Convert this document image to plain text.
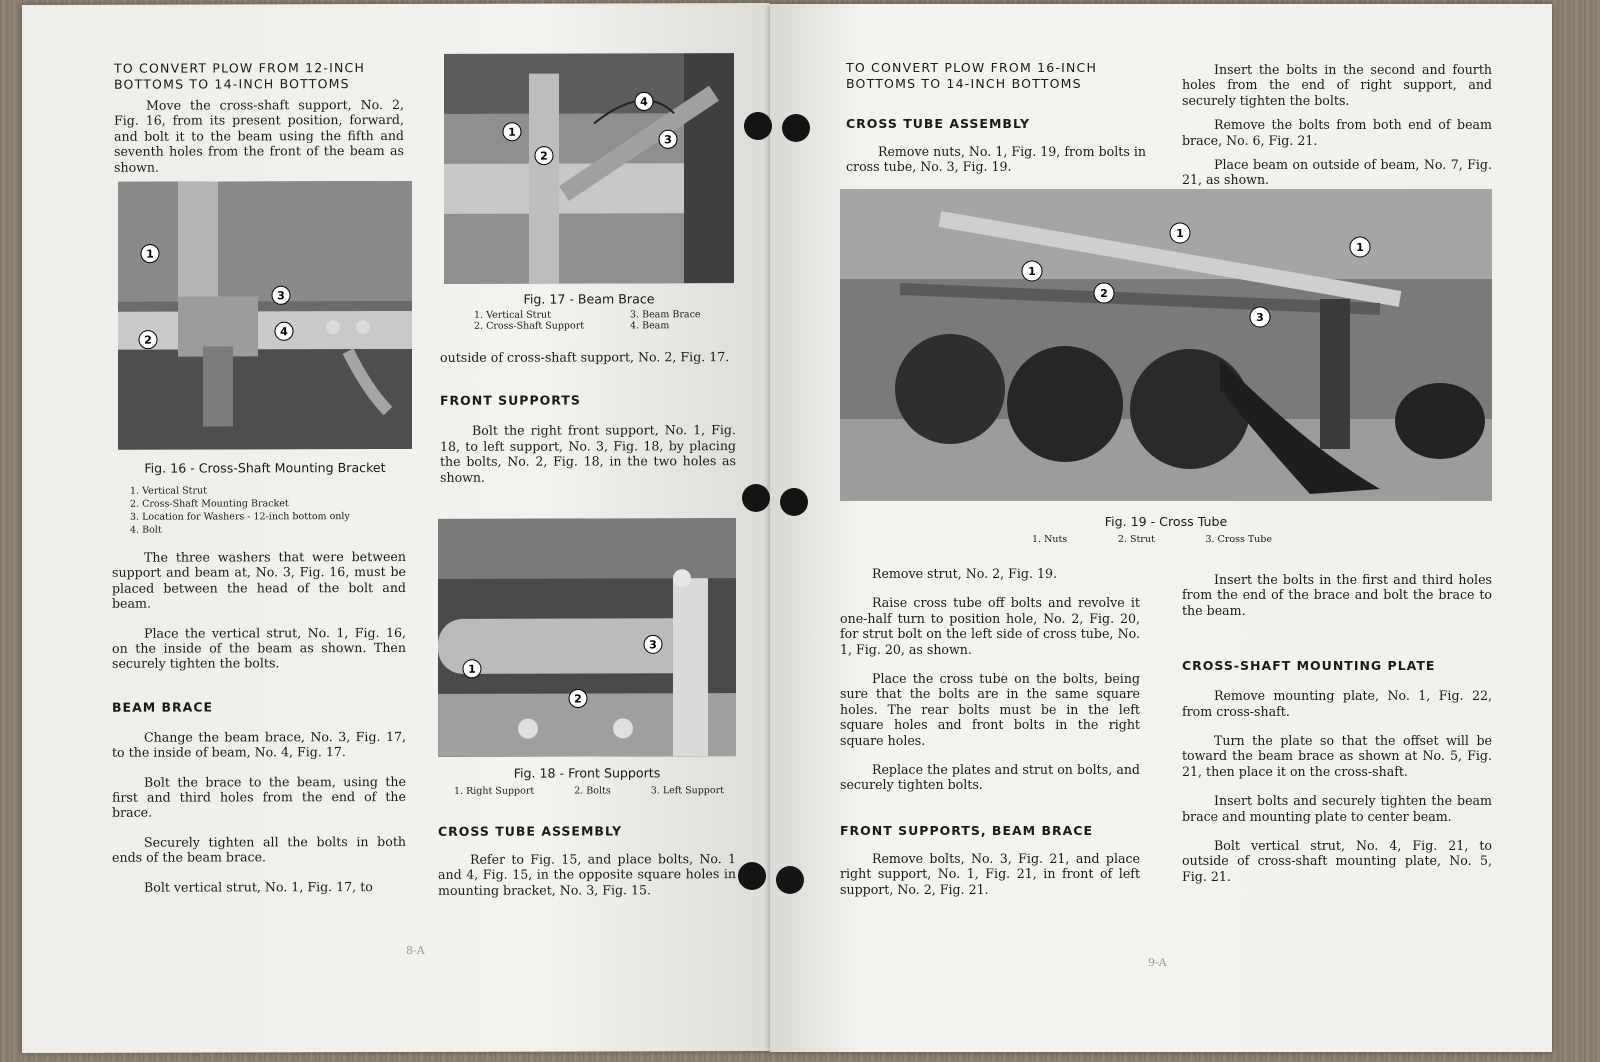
TO CONVERT PLOW FROM 12-INCH
BOTTOMS TO 14-INCH BOTTOMS

Move the cross-shaft support, No. 2, Fig. 16, from its present position, forward, and bolt it to the beam using the fifth and seventh holes from the front of the beam as shown.

1
2
3
4
Fig. 16 - Cross-Shaft Mounting Bracket
1. Vertical Strut
2. Cross-Shaft Mounting Bracket
3. Location for Washers - 12-inch bottom only
4. Bolt

The three washers that were between support and beam at, No. 3, Fig. 16, must be placed between the head of the bolt and beam.

Place the vertical strut, No. 1, Fig. 16, on the inside of the beam as shown. Then securely tighten the bolts.

BEAM BRACE

Change the beam brace, No. 3, Fig. 17, to the inside of beam, No. 4, Fig. 17.

Bolt the brace to the beam, using the first and third holes from the end of the brace.

Securely tighten all the bolts in both ends of the beam brace.

Bolt vertical strut, No. 1, Fig. 17, to

1
2
3
4
Fig. 17 - Beam Brace
1. Vertical Strut	3. Beam Brace
2. Cross-Shaft Support	4. Beam

outside of cross-shaft support, No. 2, Fig. 17.

FRONT SUPPORTS

Bolt the right front support, No. 1, Fig. 18, to left support, No. 3, Fig. 18, by placing the bolts, No. 2, Fig. 18, in the two holes as shown.

1
2
3
Fig. 18 - Front Supports
1. Right Support	2. Bolts	3. Left Support
CROSS TUBE ASSEMBLY

Refer to Fig. 15, and place bolts, No. 1 and 4, Fig. 15, in the opposite square holes in mounting bracket, No. 3, Fig. 15.

8-A
TO CONVERT PLOW FROM 16-INCH
BOTTOMS TO 14-INCH BOTTOMS
CROSS TUBE ASSEMBLY

Remove nuts, No. 1, Fig. 19, from bolts in cross tube, No. 3, Fig. 19.

Insert the bolts in the second and fourth holes from the end of right support, and securely tighten the bolts.

Remove the bolts from both end of beam brace, No. 6, Fig. 21.

Place beam on outside of beam, No. 7, Fig. 21, as shown.

1
1
1
2
3
Fig. 19 - Cross Tube
1. Nuts	2. Strut	3. Cross Tube

Remove strut, No. 2, Fig. 19.

Raise cross tube off bolts and revolve it one-half turn to position hole, No. 2, Fig. 20, for strut bolt on the left side of cross tube, No. 1, Fig. 20, as shown.

Place the cross tube on the bolts, being sure that the bolts are in the same square holes. The rear bolts must be in the left square holes and front bolts in the right square holes.

Replace the plates and strut on bolts, and securely tighten bolts.

FRONT SUPPORTS, BEAM BRACE

Remove bolts, No. 3, Fig. 21, and place right support, No. 1, Fig. 21, in front of left support, No. 2, Fig. 21.

Insert the bolts in the first and third holes from the end of the brace and bolt the brace to the beam.

CROSS-SHAFT MOUNTING PLATE

Remove mounting plate, No. 1, Fig. 22, from cross-shaft.

Turn the plate so that the offset will be toward the beam brace as shown at No. 5, Fig. 21, then place it on the cross-shaft.

Insert bolts and securely tighten the beam brace and mounting plate to center beam.

Bolt vertical strut, No. 4, Fig. 21, to outside of cross-shaft mounting plate, No. 5, Fig. 21.

9-A
